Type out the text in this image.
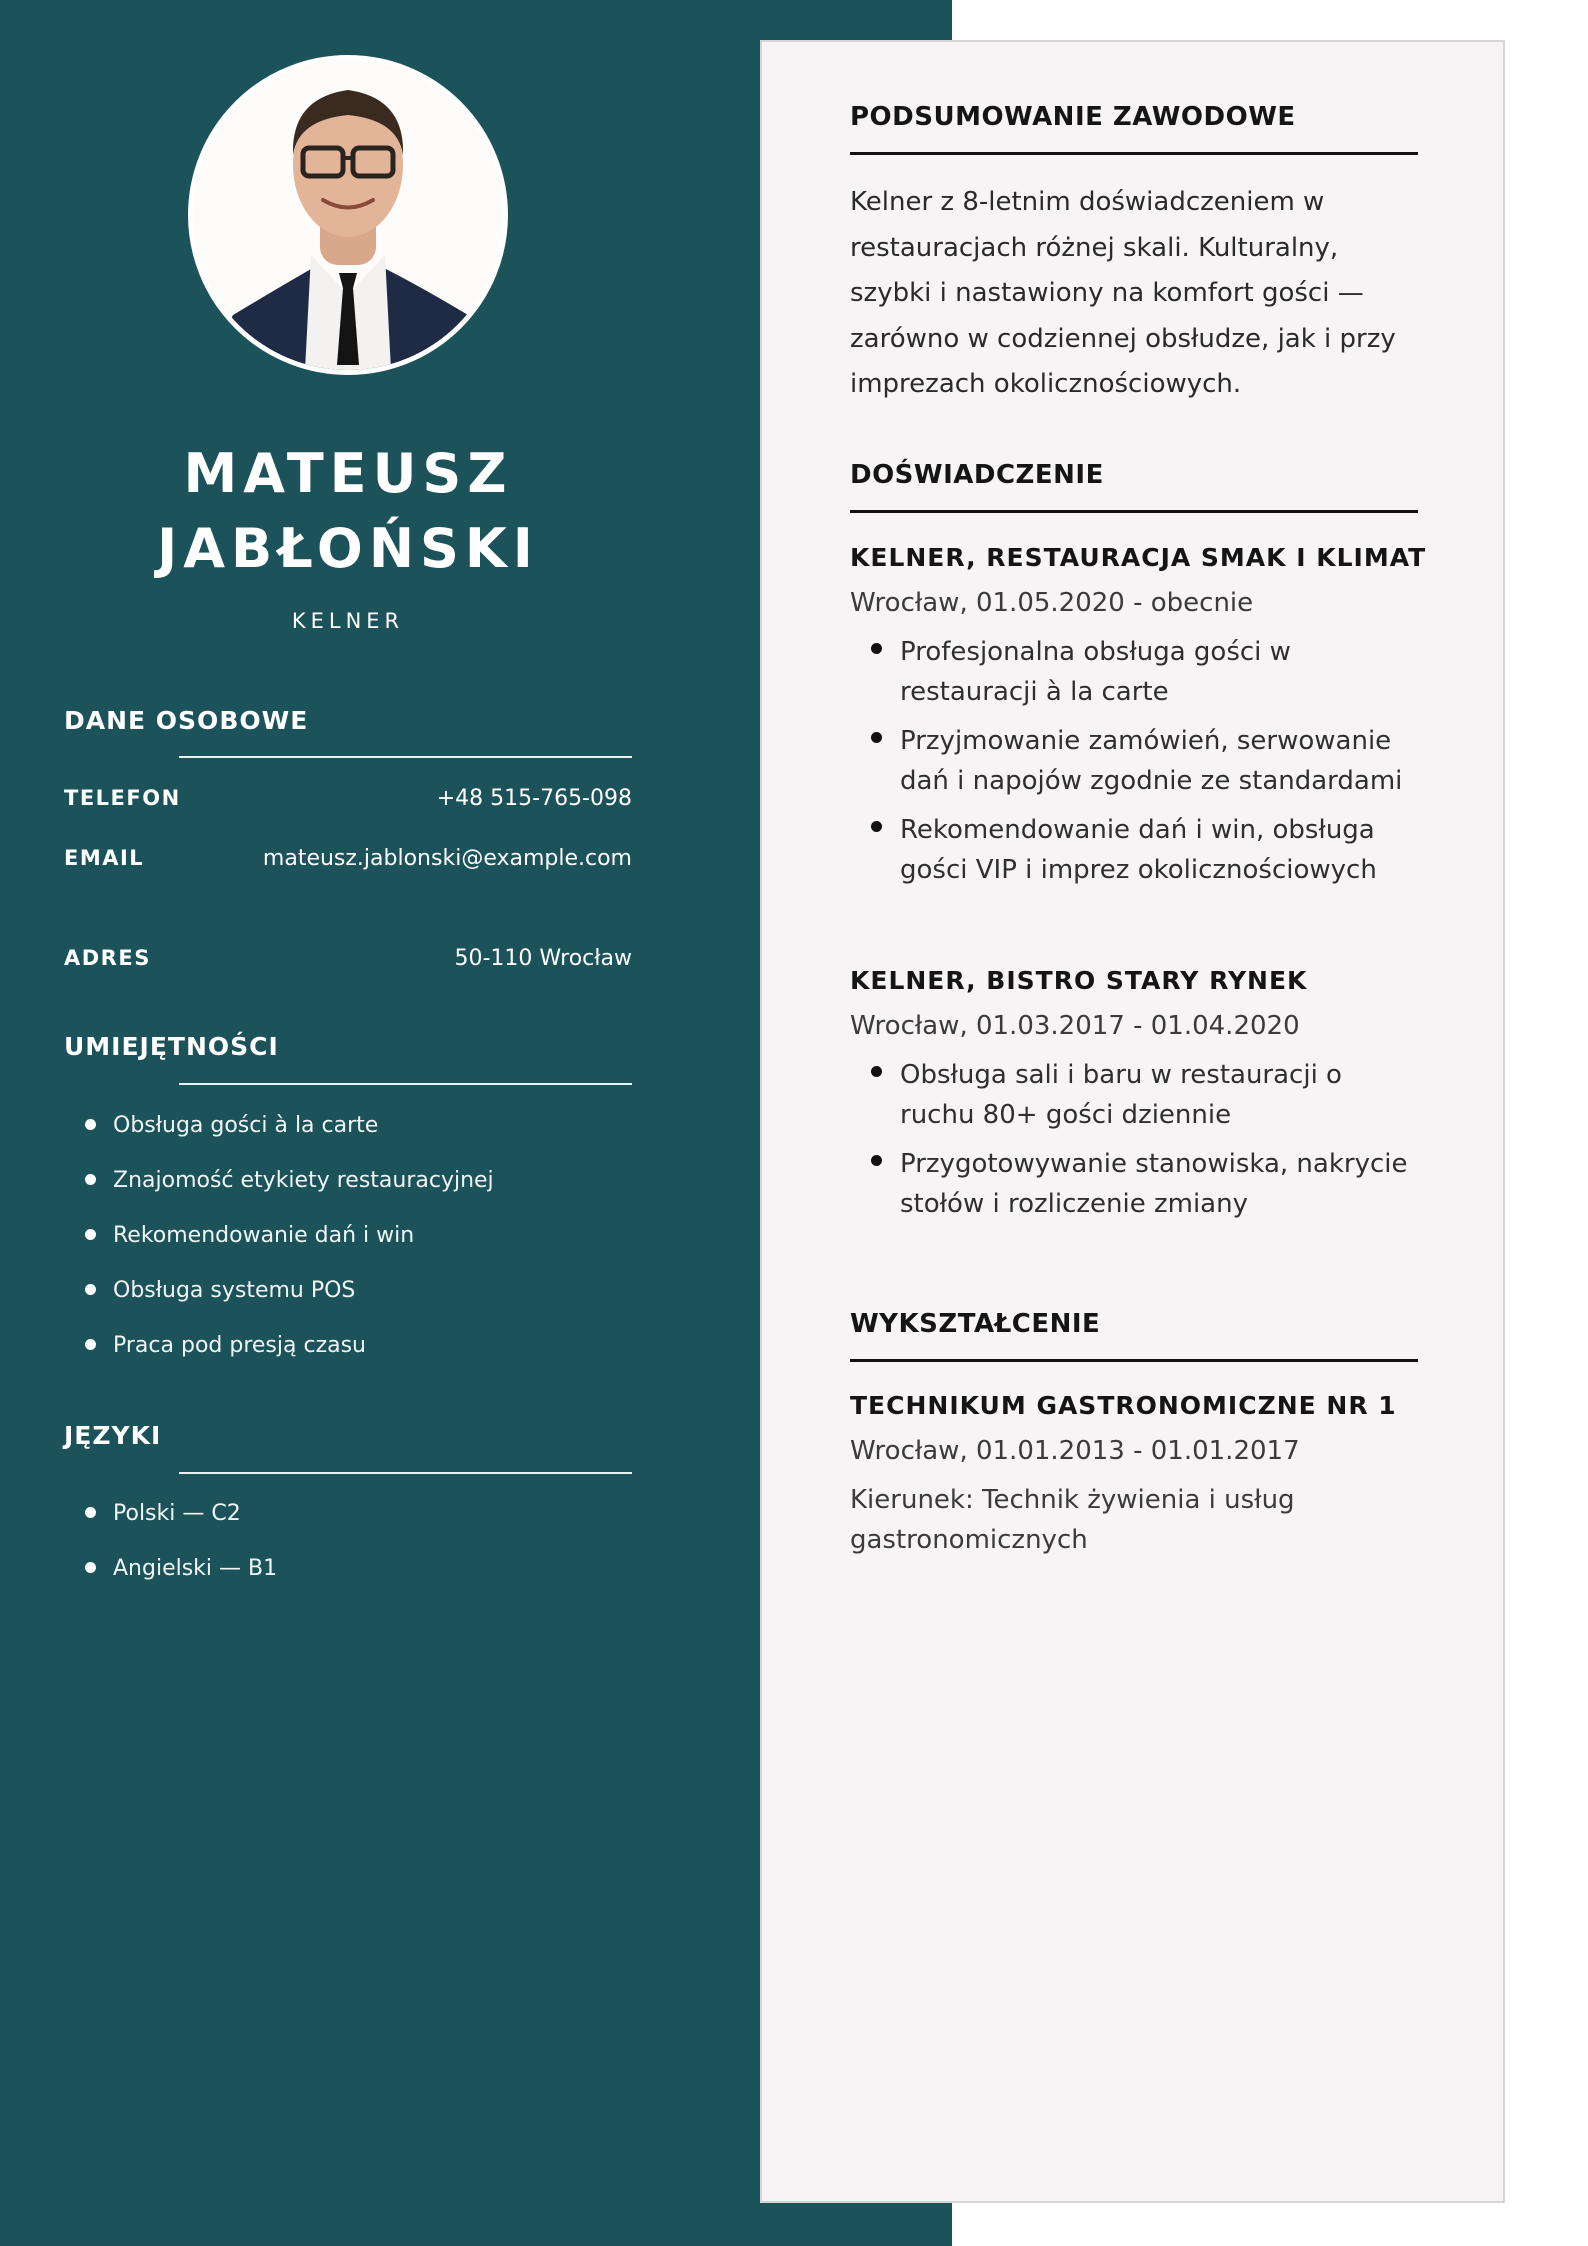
MATEUSZ
JABŁOŃSKI
KELNER
DANE OSOBOWE
TELEFON	+48 515-765-098
EMAIL	mateusz.jablonski@example.com
ADRES	50-110 Wrocław
UMIEJĘTNOŚCI
Obsługa gości à la carte
Znajomość etykiety restauracyjnej
Rekomendowanie dań i win
Obsługa systemu POS
Praca pod presją czasu
JĘZYKI
Polski — C2
Angielski — B1
PODSUMOWANIE ZAWODOWE

Kelner z 8-letnim doświadczeniem w restauracjach różnej skali. Kulturalny, szybki i nastawiony na komfort gości — zarówno w codziennej obsłudze, jak i przy imprezach okolicznościowych.

DOŚWIADCZENIE
KELNER, RESTAURACJA SMAK I KLIMAT
Wrocław, 01.05.2020 - obecnie
Profesjonalna obsługa gości w restauracji à la carte
Przyjmowanie zamówień, serwowanie dań i napojów zgodnie ze standardami
Rekomendowanie dań i win, obsługa gości VIP i imprez okolicznościowych
KELNER, BISTRO STARY RYNEK
Wrocław, 01.03.2017 - 01.04.2020
Obsługa sali i baru w restauracji o ruchu 80+ gości dziennie
Przygotowywanie stanowiska, nakrycie stołów i rozliczenie zmiany
WYKSZTAŁCENIE
TECHNIKUM GASTRONOMICZNE NR 1
Wrocław, 01.01.2013 - 01.01.2017
Kierunek: Technik żywienia i usług gastronomicznych
